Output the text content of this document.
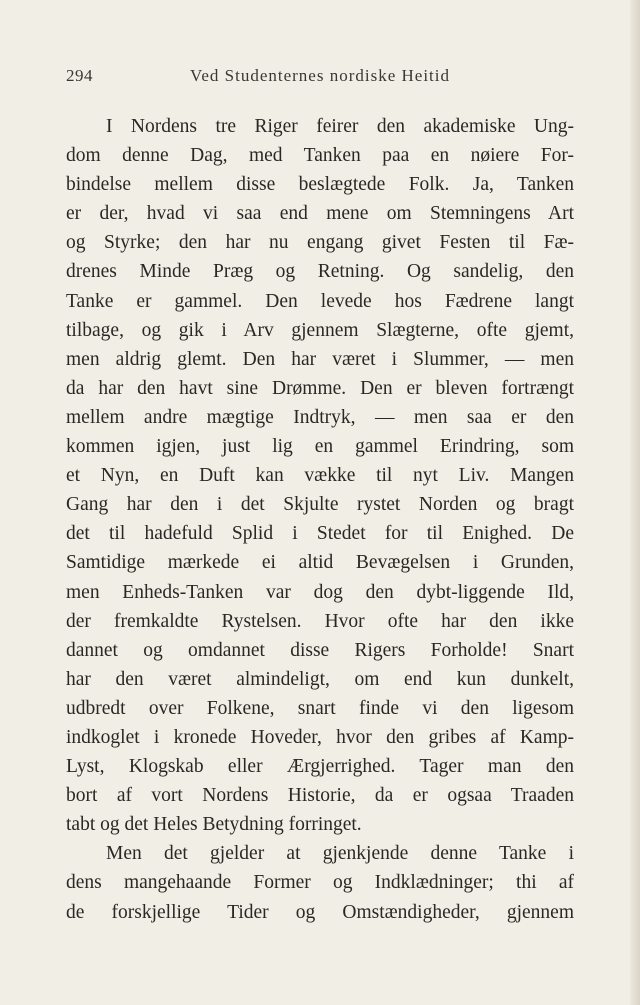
294	Ved Studenternes nordiske Heitid
I Nordens tre Riger feirer den akademiske Ung-
dom denne Dag, med Tanken paa en nøiere For-
bindelse mellem disse beslægtede Folk. Ja, Tanken
er der, hvad vi saa end mene om Stemningens Art
og Styrke; den har nu engang givet Festen til Fæ-
drenes Minde Præg og Retning. Og sandelig, den
Tanke er gammel. Den levede hos Fædrene langt
tilbage, og gik i Arv gjennem Slægterne, ofte gjemt,
men aldrig glemt. Den har været i Slummer, — men
da har den havt sine Drømme. Den er bleven fortrængt
mellem andre mægtige Indtryk, — men saa er den
kommen igjen, just lig en gammel Erindring, som
et Nyn, en Duft kan vække til nyt Liv. Mangen
Gang har den i det Skjulte rystet Norden og bragt
det til hadefuld Splid i Stedet for til Enighed. De
Samtidige mærkede ei altid Bevægelsen i Grunden,
men Enheds-Tanken var dog den dybt-liggende Ild,
der fremkaldte Rystelsen. Hvor ofte har den ikke
dannet og omdannet disse Rigers Forholde! Snart
har den været almindeligt, om end kun dunkelt,
udbredt over Folkene, snart finde vi den ligesom
indkoglet i kronede Hoveder, hvor den gribes af Kamp-
Lyst, Klogskab eller Ærgjerrighed. Tager man den
bort af vort Nordens Historie, da er ogsaa Traaden
tabt og det Heles Betydning forringet.
Men det gjelder at gjenkjende denne Tanke i
dens mangehaande Former og Indklædninger; thi af
de forskjellige Tider og Omstændigheder, gjennem
